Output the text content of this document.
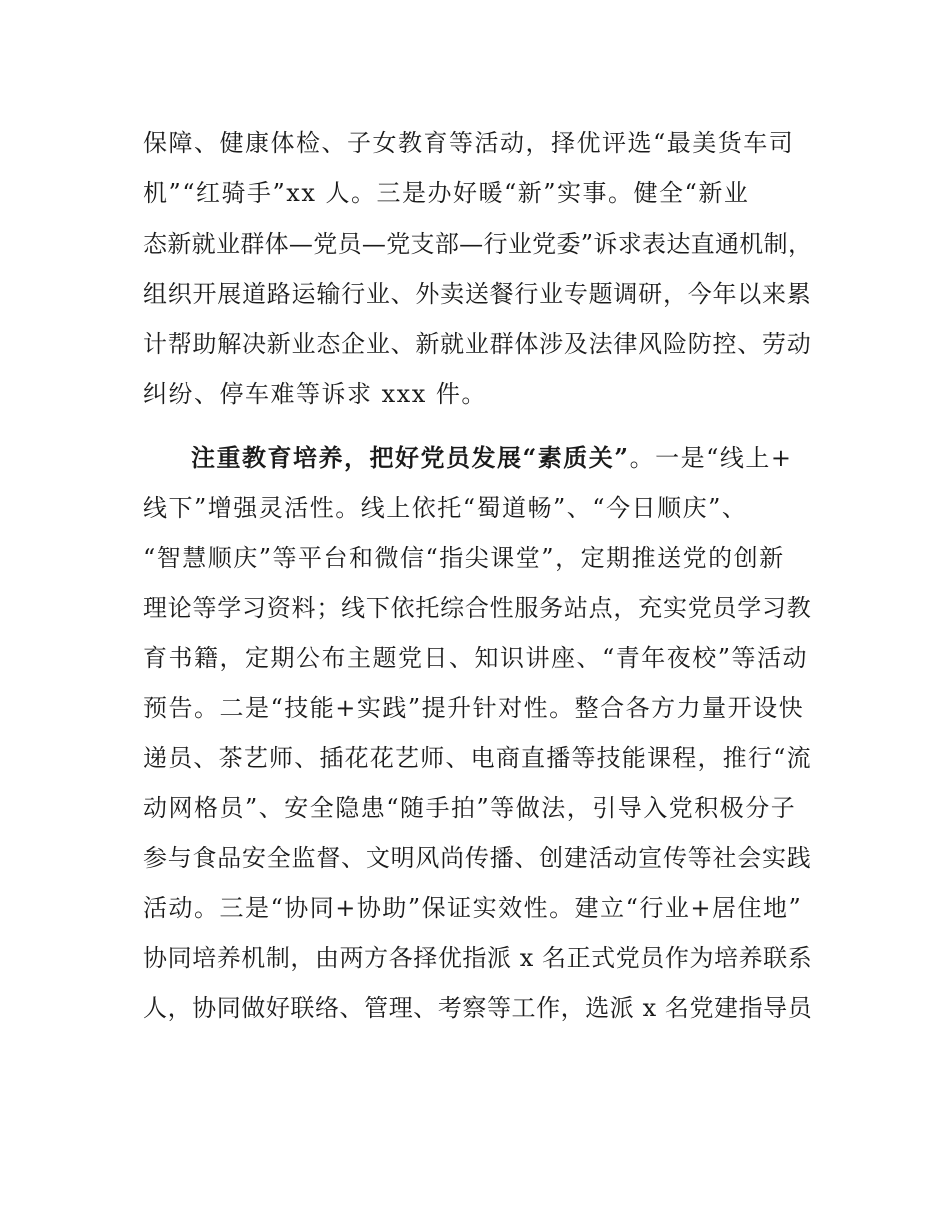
保障、健康体检、子女教育等活动，择优评选“最美货车司
机”“红骑手”xx 人。三是办好暖“新”实事。健全“新业
态新就业群体—党员—党支部—行业党委”诉求表达直通机制，
组织开展道路运输行业、外卖送餐行业专题调研，今年以来累
计帮助解决新业态企业、新就业群体涉及法律风险防控、劳动
纠纷、停车难等诉求 xxx 件。
注重教育培养，把好党员发展“素质关”。一是“线上+
线下”增强灵活性。线上依托“蜀道畅”、“今日顺庆”、
“智慧顺庆”等平台和微信“指尖课堂”，定期推送党的创新
理论等学习资料；线下依托综合性服务站点，充实党员学习教
育书籍，定期公布主题党日、知识讲座、“青年夜校”等活动
预告。二是“技能+实践”提升针对性。整合各方力量开设快
递员、茶艺师、插花花艺师、电商直播等技能课程，推行“流
动网格员”、安全隐患“随手拍”等做法，引导入党积极分子
参与食品安全监督、文明风尚传播、创建活动宣传等社会实践
活动。三是“协同+协助”保证实效性。建立“行业+居住地”
协同培养机制，由两方各择优指派 x 名正式党员作为培养联系
人，协同做好联络、管理、考察等工作，选派 x 名党建指导员
